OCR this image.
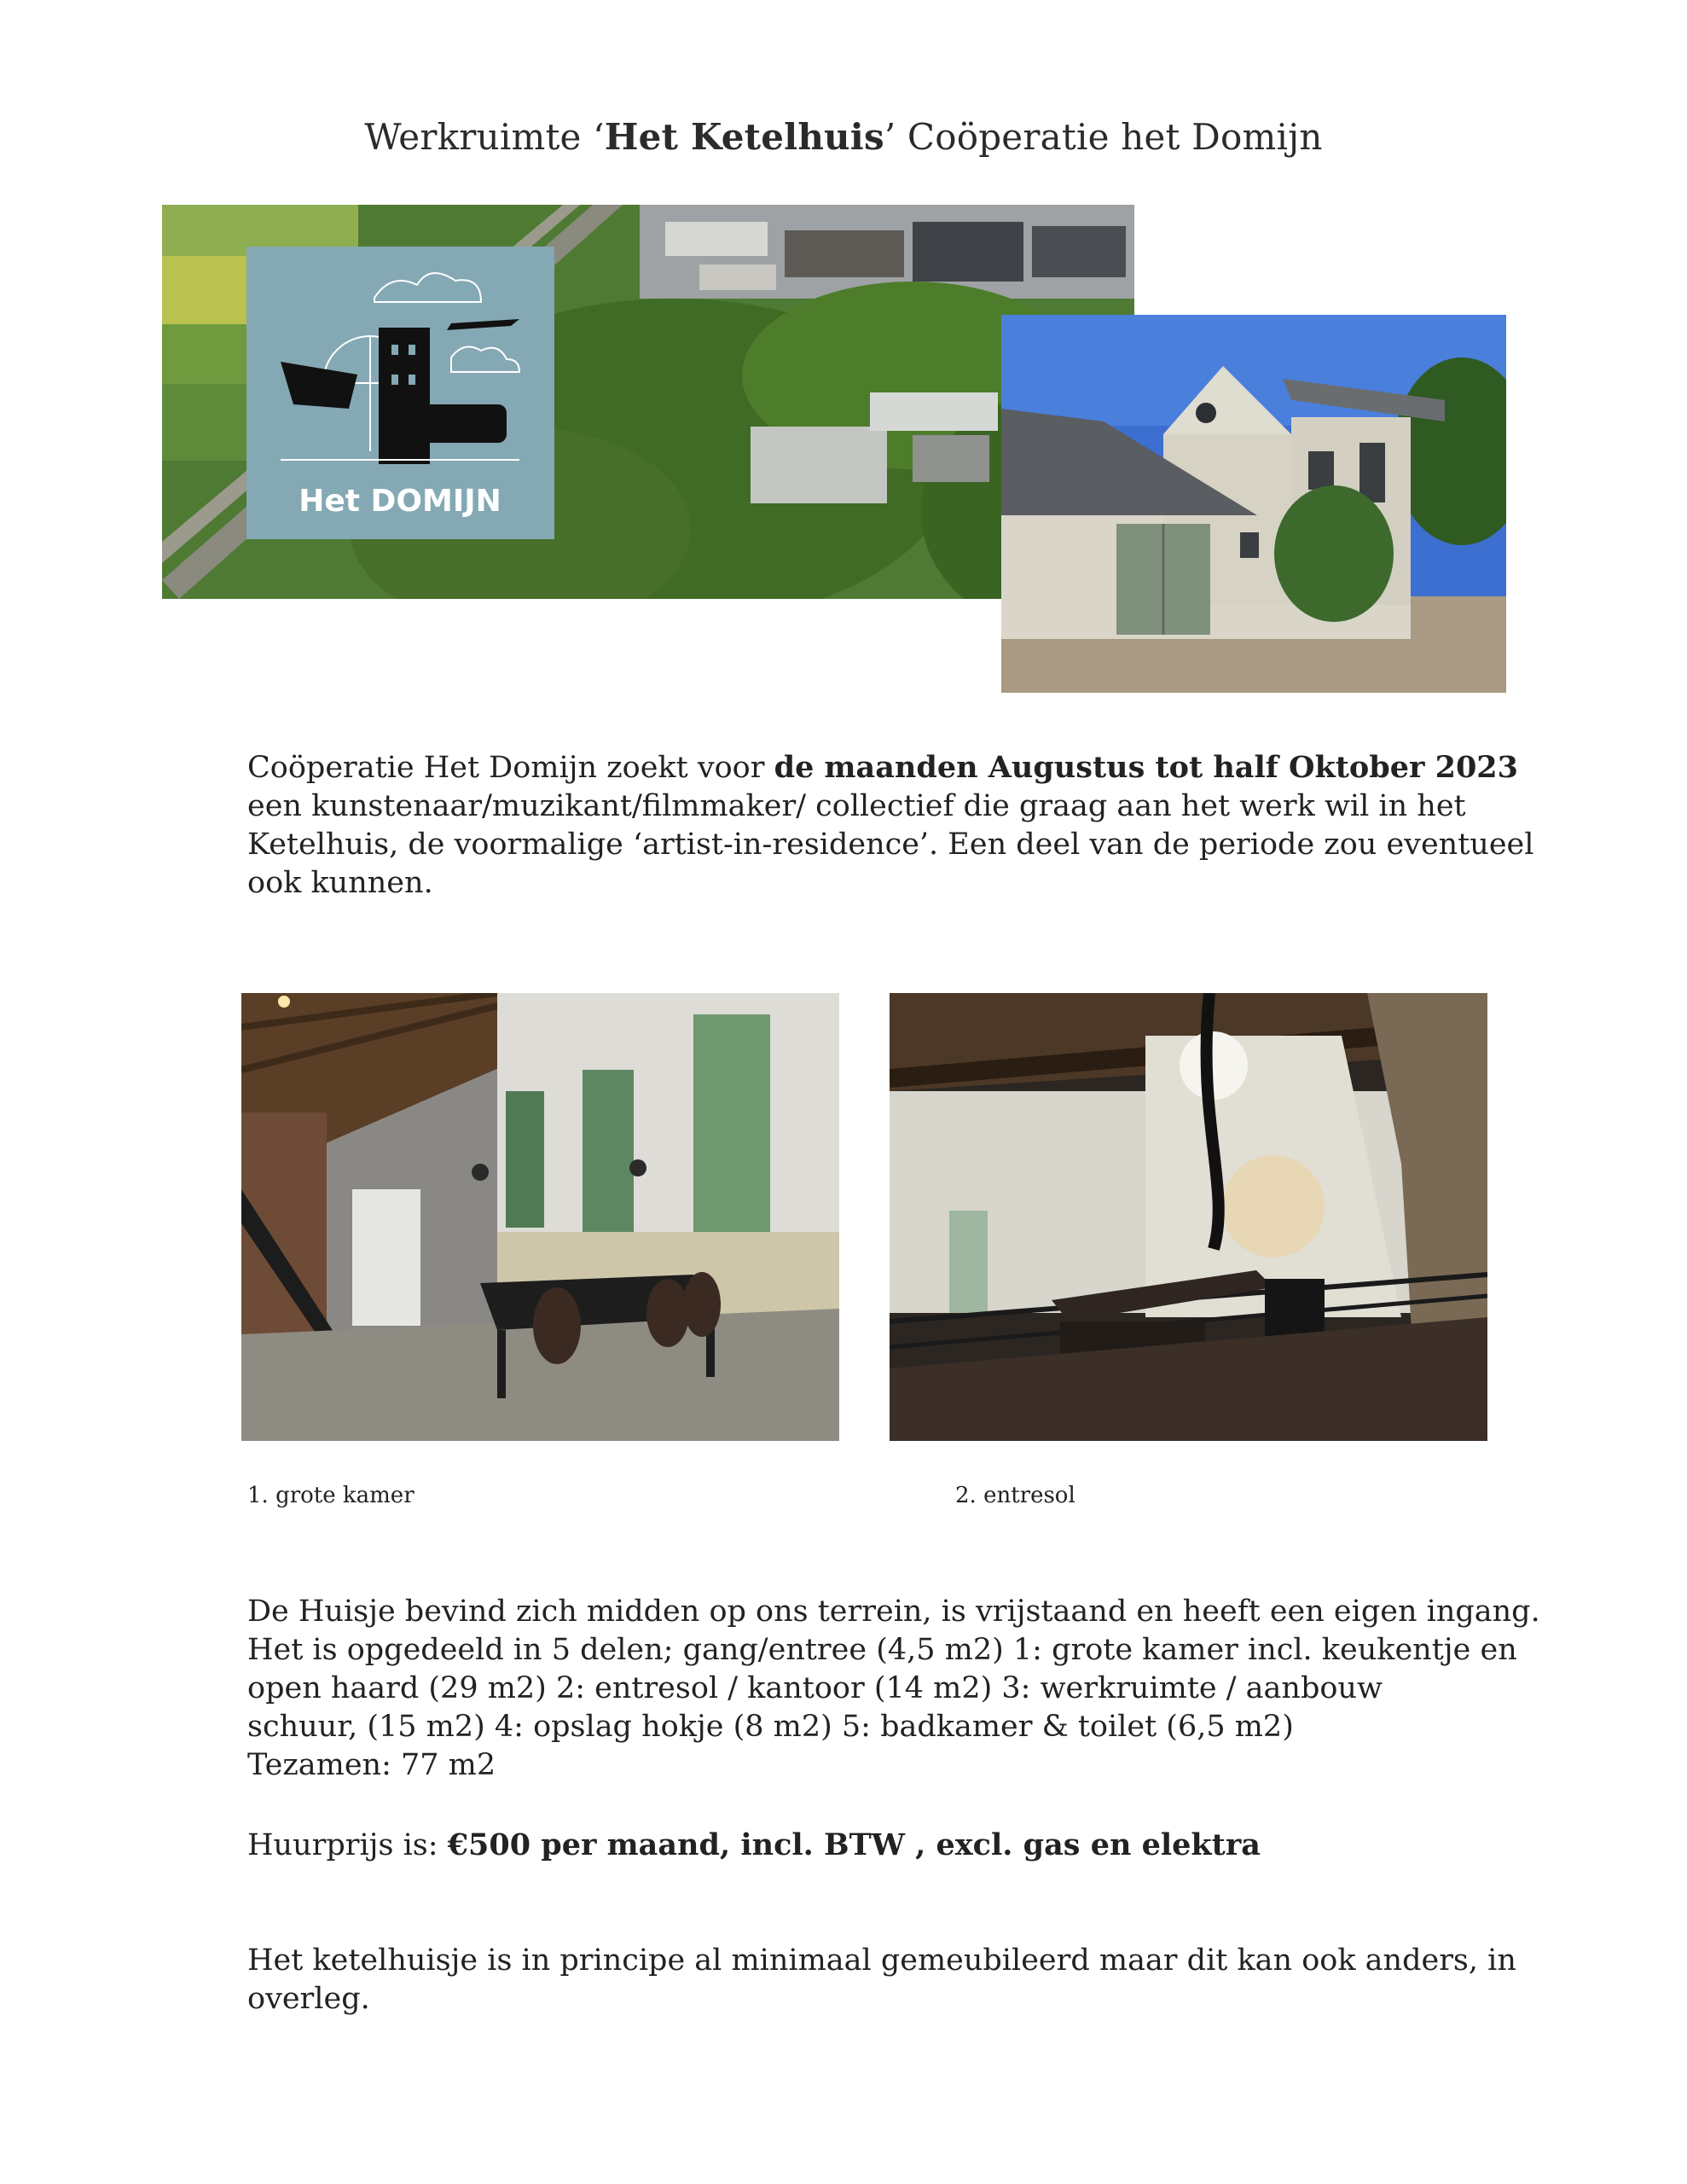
Werkruimte ‘Het Ketelhuis’ Coöperatie het Domijn
Het DOMIJN
Coöperatie Het Domijn zoekt voor de maanden Augustus tot half Oktober 2023
een kunstenaar/muzikant/filmmaker/ collectief die graag aan het werk wil in het
Ketelhuis, de voormalige ‘artist-in-residence’. Een deel van de periode zou eventueel
ook kunnen.
1. grote kamer	2. entresol
De Huisje bevind zich midden op ons terrein, is vrijstaand en heeft een eigen ingang.
Het is opgedeeld in 5 delen; gang/entree (4,5 m2) 1: grote kamer incl. keukentje en
open haard (29 m2) 2: entresol / kantoor (14 m2) 3: werkruimte / aanbouw
schuur, (15 m2) 4: opslag hokje (8 m2) 5: badkamer & toilet (6,5 m2)
Tezamen: 77 m2
Huurprijs is: €500 per maand, incl. BTW , excl. gas en elektra
Het ketelhuisje is in principe al minimaal gemeubileerd maar dit kan ook anders, in
overleg.
